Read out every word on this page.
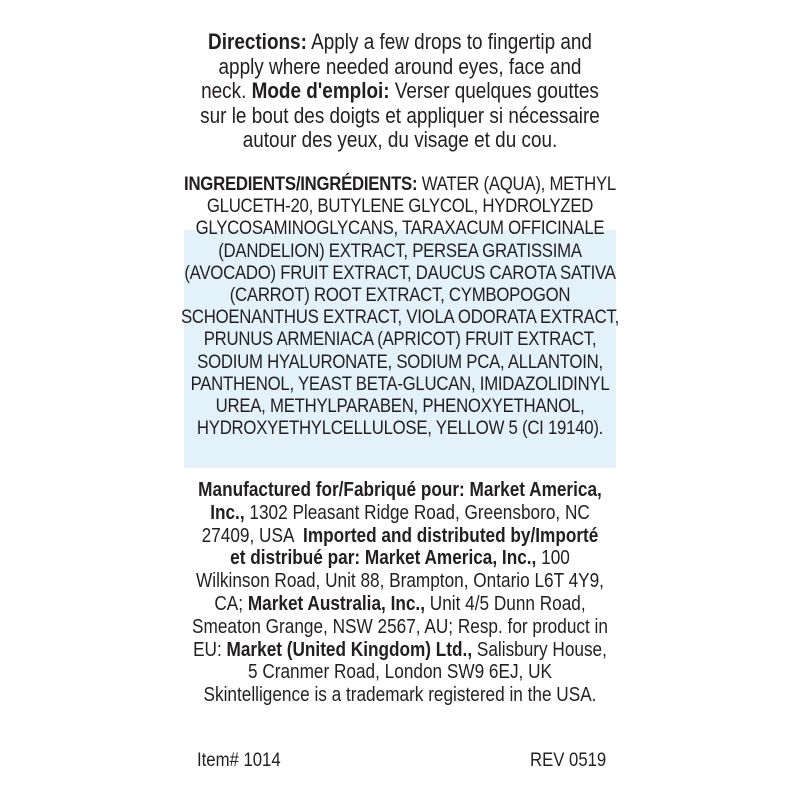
Directions: Apply a few drops to fingertip and
apply where needed around eyes, face and
neck. Mode d'emploi: Verser quelques gouttes
sur le bout des doigts et appliquer si nécessaire
autour des yeux, du visage et du cou.
INGREDIENTS/INGRÉDIENTS: WATER (AQUA), METHYL
GLUCETH-20, BUTYLENE GLYCOL, HYDROLYZED
GLYCOSAMINOGLYCANS, TARAXACUM OFFICINALE
(DANDELION) EXTRACT, PERSEA GRATISSIMA
(AVOCADO) FRUIT EXTRACT, DAUCUS CAROTA SATIVA
(CARROT) ROOT EXTRACT, CYMBOPOGON
SCHOENANTHUS EXTRACT, VIOLA ODORATA EXTRACT,
PRUNUS ARMENIACA (APRICOT) FRUIT EXTRACT,
SODIUM HYALURONATE, SODIUM PCA, ALLANTOIN,
PANTHENOL, YEAST BETA-GLUCAN, IMIDAZOLIDINYL
UREA, METHYLPARABEN, PHENOXYETHANOL,
HYDROXYETHYLCELLULOSE, YELLOW 5 (CI 19140).
Manufactured for/Fabriqué pour: Market America,
Inc., 1302 Pleasant Ridge Road, Greensboro, NC
27409, USA  Imported and distributed by/Importé
et distribué par: Market America, Inc., 100
Wilkinson Road, Unit 88, Brampton, Ontario L6T 4Y9,
CA; Market Australia, Inc., Unit 4/5 Dunn Road,
Smeaton Grange, NSW 2567, AU; Resp. for product in
EU: Market (United Kingdom) Ltd., Salisbury House,
5 Cranmer Road, London SW9 6EJ, UK
Skintelligence is a trademark registered in the USA.
Item# 1014	REV 0519
